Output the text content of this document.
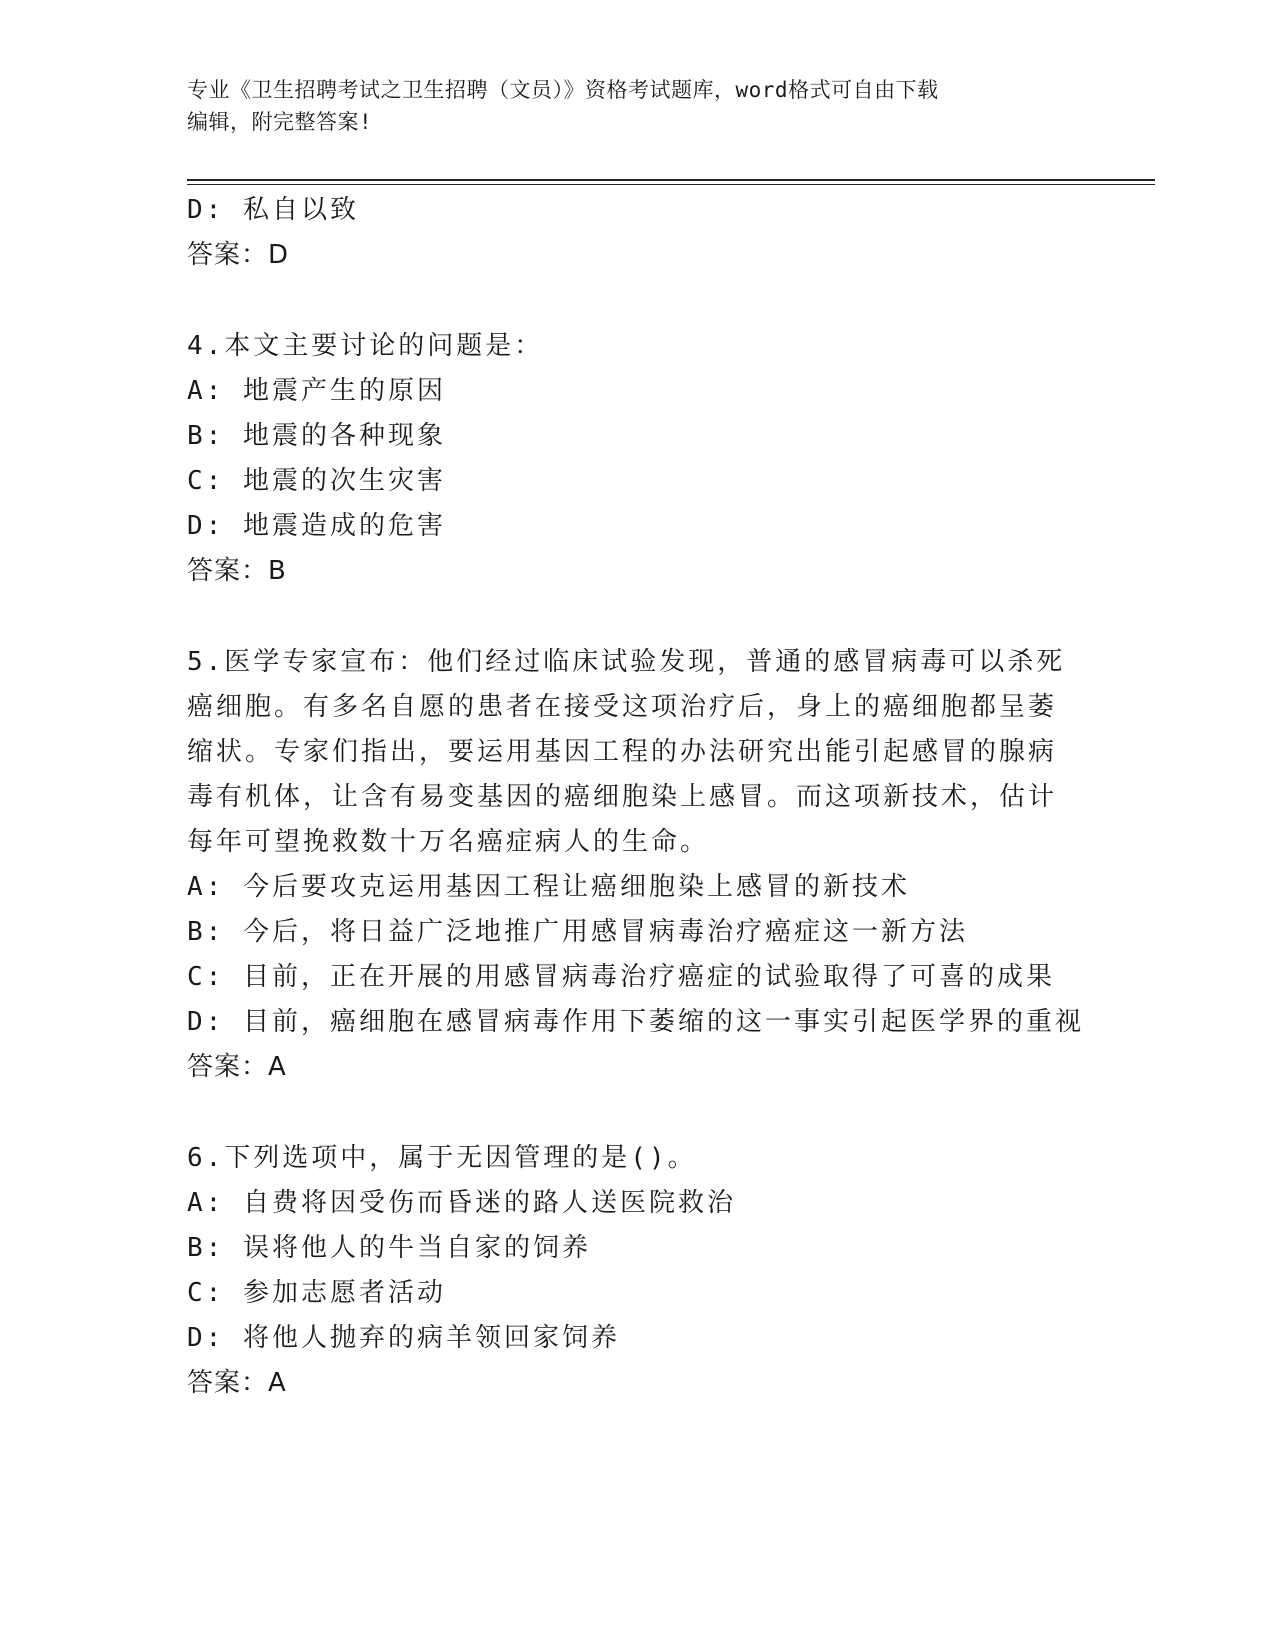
专业《卫生招聘考试之卫生招聘（文员）》资格考试题库，word格式可自由下载
编辑，附完整答案!
D: 私自以致
答案：D
4.本文主要讨论的问题是：
A: 地震产生的原因
B: 地震的各种现象
C: 地震的次生灾害
D: 地震造成的危害
答案：B
5.医学专家宣布：他们经过临床试验发现，普通的感冒病毒可以杀死
癌细胞。有多名自愿的患者在接受这项治疗后，身上的癌细胞都呈萎
缩状。专家们指出，要运用基因工程的办法研究出能引起感冒的腺病
毒有机体，让含有易变基因的癌细胞染上感冒。而这项新技术，估计
每年可望挽救数十万名癌症病人的生命。
A: 今后要攻克运用基因工程让癌细胞染上感冒的新技术
B: 今后，将日益广泛地推广用感冒病毒治疗癌症这一新方法
C: 目前，正在开展的用感冒病毒治疗癌症的试验取得了可喜的成果
D: 目前，癌细胞在感冒病毒作用下萎缩的这一事实引起医学界的重视
答案：A
6.下列选项中，属于无因管理的是()。
A: 自费将因受伤而昏迷的路人送医院救治
B: 误将他人的牛当自家的饲养
C: 参加志愿者活动
D: 将他人抛弃的病羊领回家饲养
答案：A
